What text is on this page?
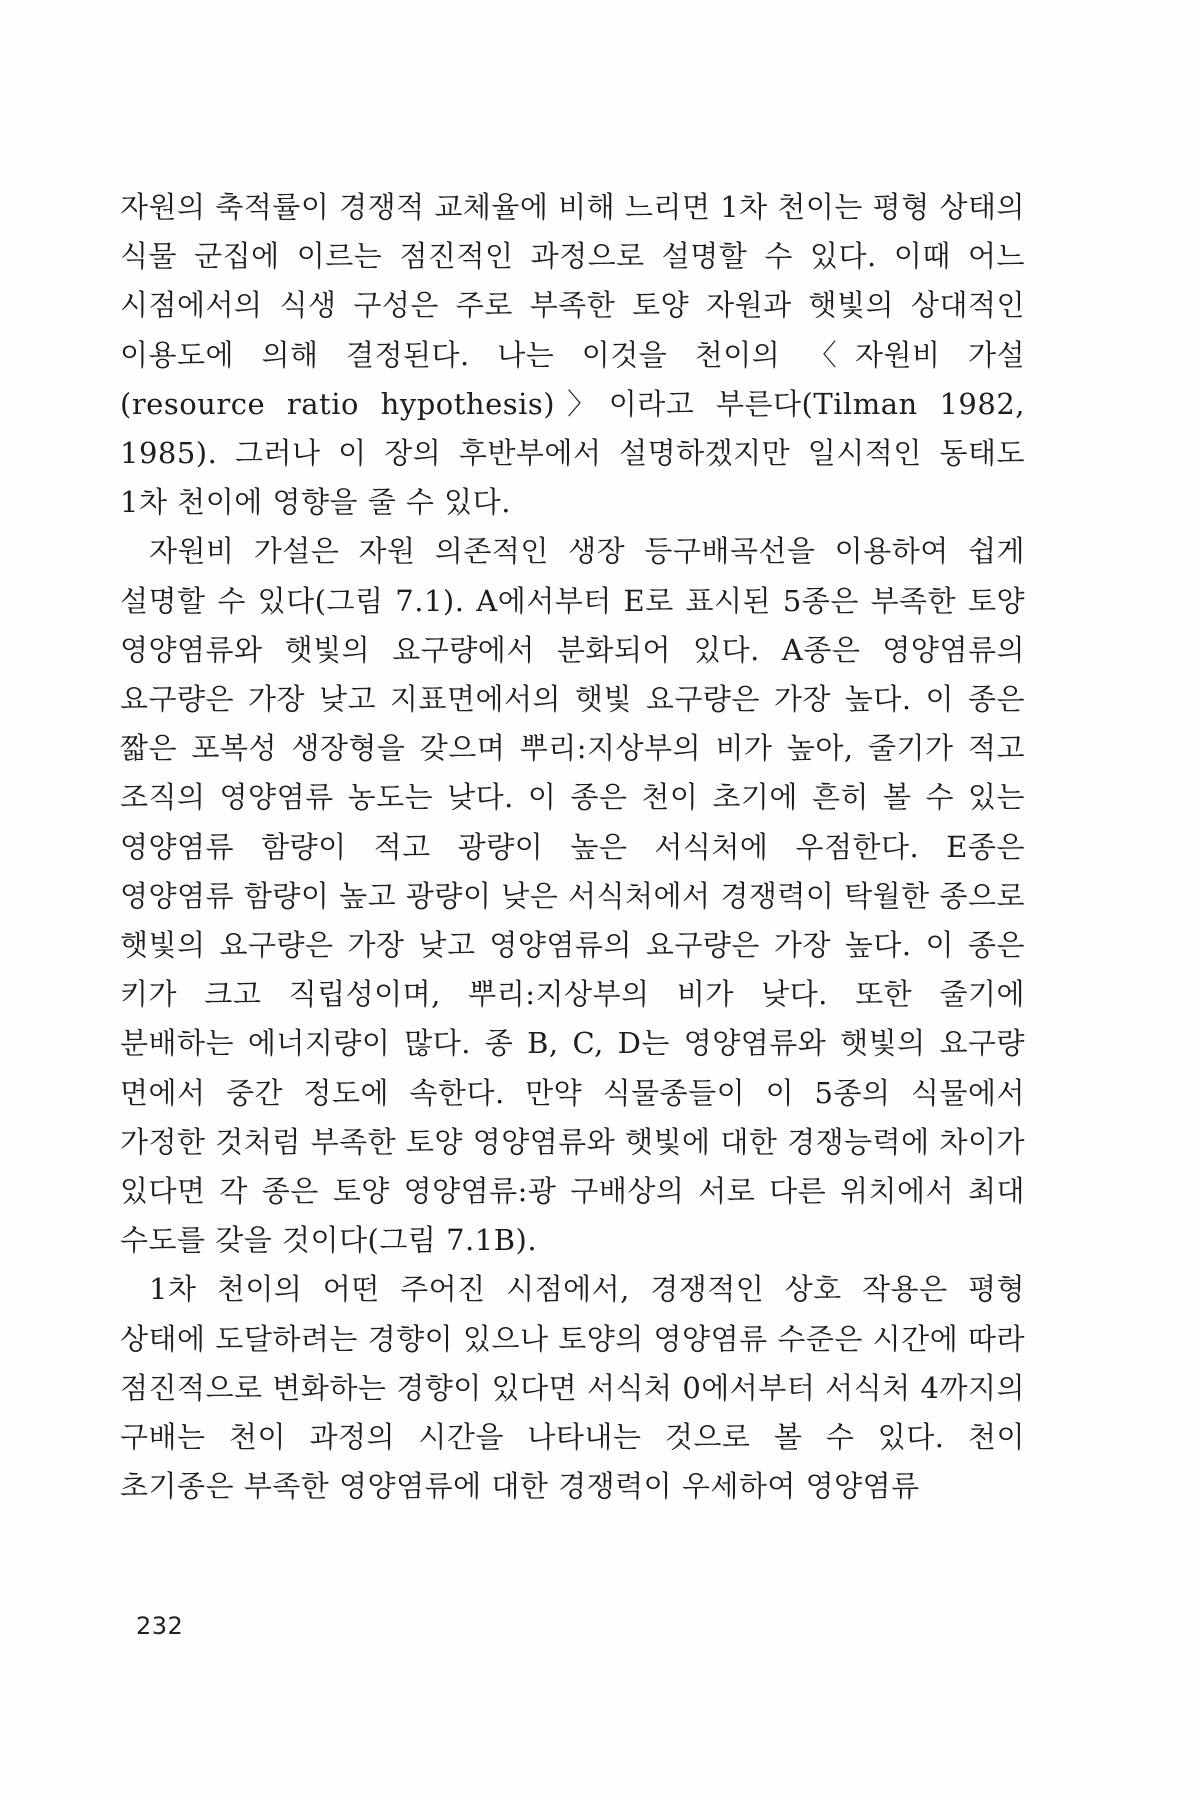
자원의 축적률이 경쟁적 교체율에 비해 느리면 1차 천이는 평형 상태의 식물 군집에 이르는 점진적인 과정으로 설명할 수 있다. 이때 어느 시점에서의 식생 구성은 주로 부족한 토양 자원과 햇빛의 상대적인 이용도에 의해 결정된다. 나는 이것을 천이의 〈자원비 가설(resource ratio hypothesis)〉이라고 부른다(Tilman 1982, 1985). 그러나 이 장의 후반부에서 설명하겠지만 일시적인 동태도 1차 천이에 영향을 줄 수 있다.

자원비 가설은 자원 의존적인 생장 등구배곡선을 이용하여 쉽게 설명할 수 있다(그림 7.1). A에서부터 E로 표시된 5종은 부족한 토양 영양염류와 햇빛의 요구량에서 분화되어 있다. A종은 영양염류의 요구량은 가장 낮고 지표면에서의 햇빛 요구량은 가장 높다. 이 종은 짧은 포복성 생장형을 갖으며 뿌리:지상부의 비가 높아, 줄기가 적고 조직의 영양염류 농도는 낮다. 이 종은 천이 초기에 흔히 볼 수 있는 영양염류 함량이 적고 광량이 높은 서식처에 우점한다. E종은 영양염류 함량이 높고 광량이 낮은 서식처에서 경쟁력이 탁월한 종으로 햇빛의 요구량은 가장 낮고 영양염류의 요구량은 가장 높다. 이 종은 키가 크고 직립성이며, 뿌리:지상부의 비가 낮다. 또한 줄기에 분배하는 에너지량이 많다. 종 B, C, D는 영양염류와 햇빛의 요구량 면에서 중간 정도에 속한다. 만약 식물종들이 이 5종의 식물에서 가정한 것처럼 부족한 토양 영양염류와 햇빛에 대한 경쟁능력에 차이가 있다면 각 종은 토양 영양염류:광 구배상의 서로 다른 위치에서 최대 수도를 갖을 것이다(그림 7.1B).

1차 천이의 어떤 주어진 시점에서, 경쟁적인 상호 작용은 평형 상태에 도달하려는 경향이 있으나 토양의 영양염류 수준은 시간에 따라 점진적으로 변화하는 경향이 있다면 서식처 0에서부터 서식처 4까지의 구배는 천이 과정의 시간을 나타내는 것으로 볼 수 있다. 천이 초기종은 부족한 영양염류에 대한 경쟁력이 우세하여 영양염류

232
